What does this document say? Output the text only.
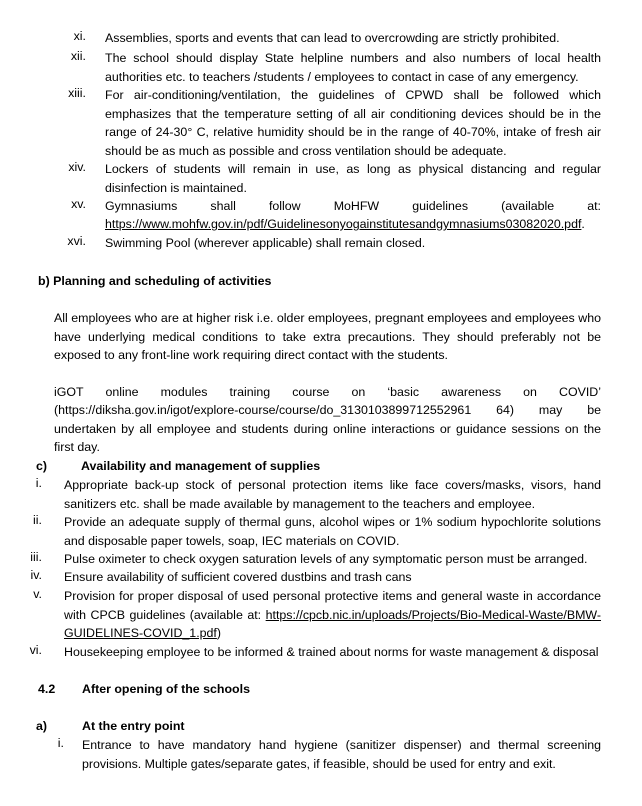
xi. Assemblies, sports and events that can lead to overcrowding are strictly prohibited.
xii. The school should display State helpline numbers and also numbers of local health authorities etc. to teachers /students / employees to contact in case of any emergency.
xiii. For air-conditioning/ventilation, the guidelines of CPWD shall be followed which emphasizes that the temperature setting of all air conditioning devices should be in the range of 24-30° C, relative humidity should be in the range of 40-70%, intake of fresh air should be as much as possible and cross ventilation should be adequate.
xiv. Lockers of students will remain in use, as long as physical distancing and regular disinfection is maintained.
xv. Gymnasiums shall follow MoHFW guidelines (available at:
https://www.mohfw.gov.in/pdf/Guidelinesonyogainstitutesandgymnasiums03082020.pdf.
xvi. Swimming Pool (wherever applicable) shall remain closed.
b) Planning and scheduling of activities
All employees who are at higher risk i.e. older employees, pregnant employees and employees who have underlying medical conditions to take extra precautions. They should preferably not be exposed to any front-line work requiring direct contact with the students.
iGOT online modules training course on ‘basic awareness on COVID’
(https://diksha.gov.in/igot/explore-course/course/do_3130103899712552961 64) may be undertaken by all employee and students during online interactions or guidance sessions on the first day.
c)	Availability and management of supplies
i. Appropriate back-up stock of personal protection items like face covers/masks, visors, hand sanitizers etc. shall be made available by management to the teachers and employee.
ii. Provide an adequate supply of thermal guns, alcohol wipes or 1% sodium hypochlorite solutions and disposable paper towels, soap, IEC materials on COVID.
iii. Pulse oximeter to check oxygen saturation levels of any symptomatic person must be arranged.
iv. Ensure availability of sufficient covered dustbins and trash cans
v. Provision for proper disposal of used personal protective items and general waste in accordance with CPCB guidelines (available at: https://cpcb.nic.in/uploads/Projects/Bio-Medical-Waste/BMW-GUIDELINES-COVID_1.pdf)
vi. Housekeeping employee to be informed & trained about norms for waste management & disposal
4.2 After opening of the schools
a)	At the entry point
i. Entrance to have mandatory hand hygiene (sanitizer dispenser) and thermal screening provisions. Multiple gates/separate gates, if feasible, should be used for entry and exit.
